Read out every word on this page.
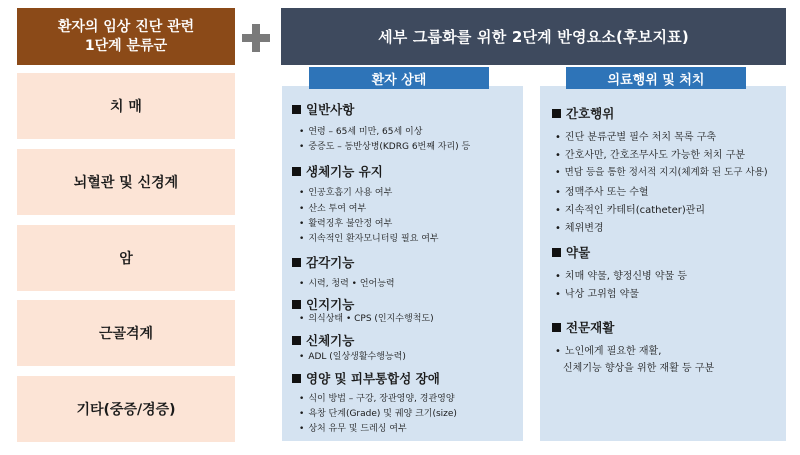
환자의 임상 진단 관련
1단계 분류군	세부 그룹화를 위한 2단계 반영요소(후보지표)
치 매
뇌혈관 및 신경계
암
근골격계
기타(중증/경증)
환자 상태
일반사항
• 연령 – 65세 미만, 65세 이상
• 중증도 – 동반상병(KDRG 6번째 자리) 등
생체기능 유지
• 인공호흡기 사용 여부
• 산소 투여 여부
• 활력징후 불안정 여부
• 지속적인 환자모니터링 필요 여부
감각기능
• 시력, 청력 • 언어능력
인지기능
• 의식상태 • CPS (인지수행척도)
신체기능
• ADL (일상생활수행능력)
영양 및 피부통합성 장애
• 식이 방법 – 구강, 장관영양, 경관영양
• 욕창 단계(Grade) 및 궤양 크기(size)
• 상처 유무 및 드레싱 여부
의료행위 및 처치
간호행위
• 진단 분류군별 필수 처치 목록 구축
• 간호사만, 간호조무사도 가능한 처치 구분
• 면담 등을 통한 정서적 지지(체계화 된 도구 사용)
• 정맥주사 또는 수혈
• 지속적인 카테터(catheter)관리
• 체위변경
약물
• 치매 약물, 향정신병 약물 등
• 낙상 고위험 약물
전문재활
• 노인에게 필요한 재활,
신체기능 향상을 위한 재활 등 구분
